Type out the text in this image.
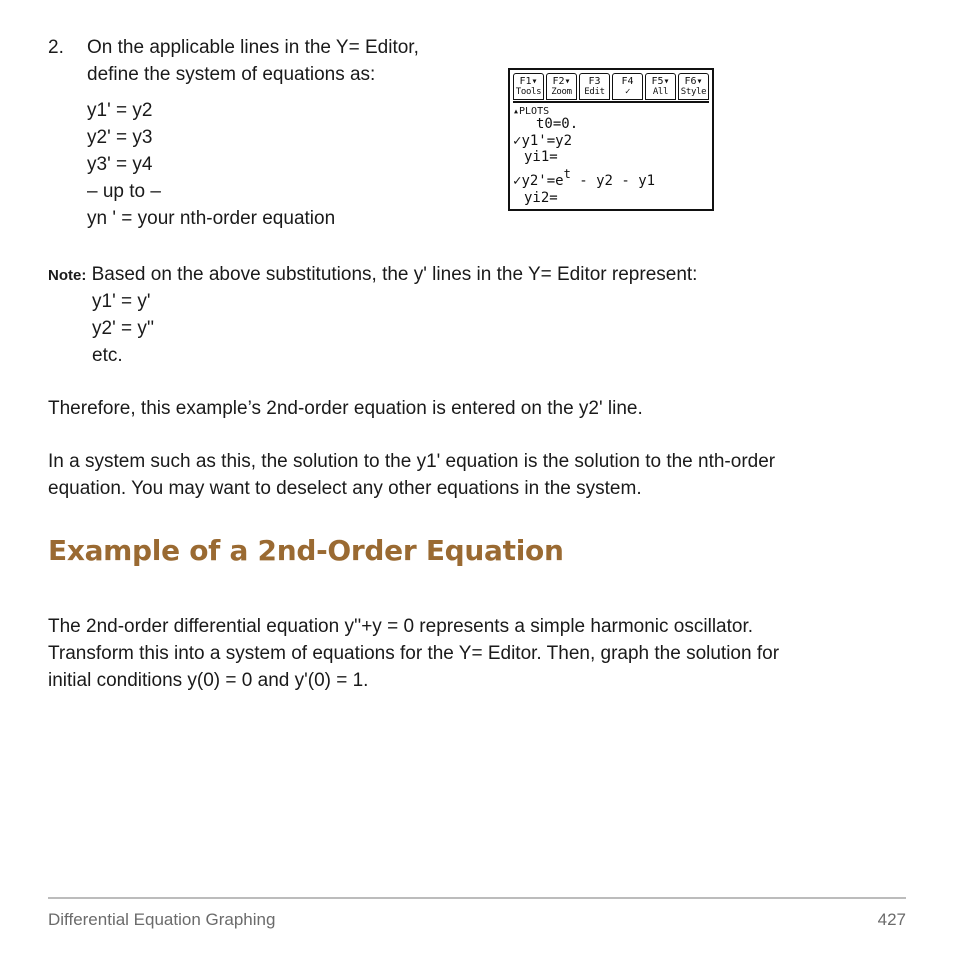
2. On the applicable lines in the Y= Editor,
define the system of equations as:
y1' = y2
y2' = y3
y3' = y4
– up to –
yn ' = your nth-order equation
F1▾
Tools
F2▾
Zoom
F3
Edit
F4
✓
F5▾
All
F6▾
Style
▴PLOTS
t0=0.
✓y1'=y2
yi1=
✓y2'=et - y2 - y1
yi2=
Note: Based on the above substitutions, the y' lines in the Y= Editor represent:
y1' = y'
y2' = y''
etc.
Therefore, this example’s 2nd-order equation is entered on the y2' line.
In a system such as this, the solution to the y1' equation is the solution to the nth-order
equation. You may want to deselect any other equations in the system.
Example of a 2nd-Order Equation
The 2nd-order differential equation y''+y = 0 represents a simple harmonic oscillator.
Transform this into a system of equations for the Y= Editor. Then, graph the solution for
initial conditions y(0) = 0 and y'(0) = 1.
Differential Equation Graphing	427
